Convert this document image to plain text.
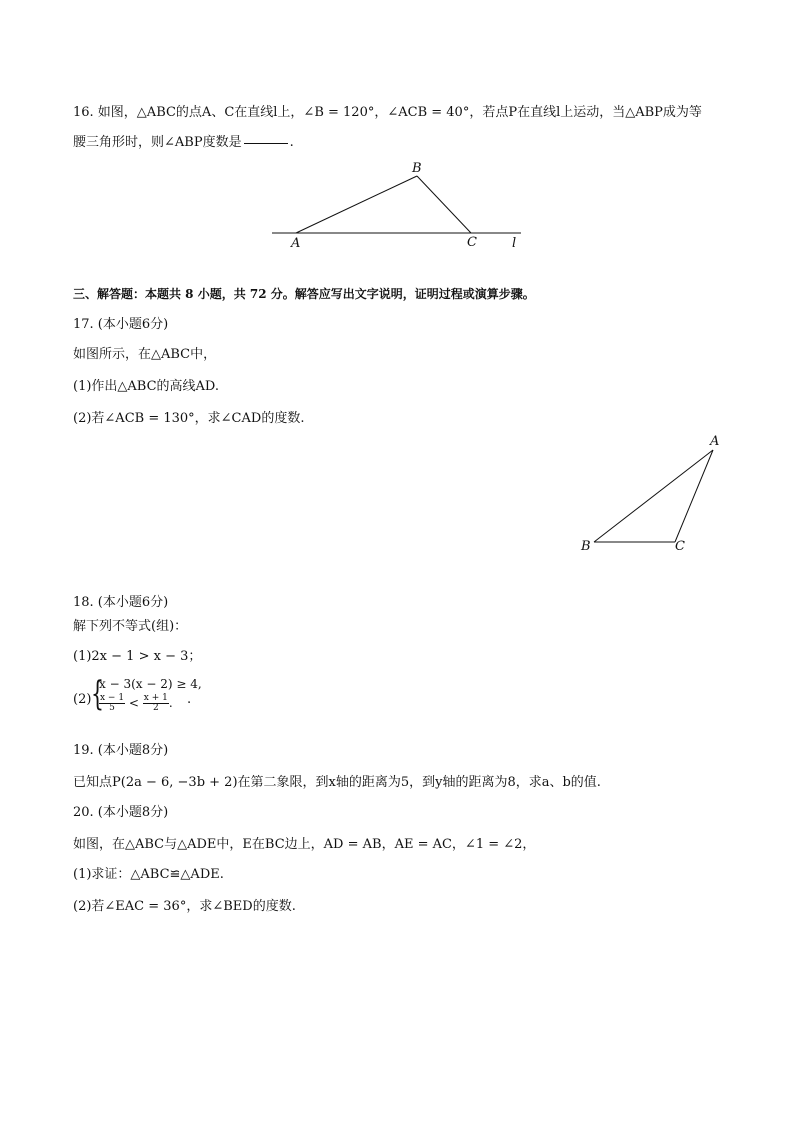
16. 如图，△ABC的点A、C在直线l上，∠B = 120°，∠ACB = 40°，若点P在直线l上运动，当△ABP成为等
腰三角形时，则∠ABP度数是	.
B
A	C	l
A
B	C
三、解答题：本题共 8 小题，共 72 分。解答应写出文字说明，证明过程或演算步骤。
17. (本小题6分)
如图所示，在△ABC中，
(1)作出△ABC的高线AD.
(2)若∠ACB = 130°，求∠CAD的度数.
18. (本小题6分)
解下列不等式(组)：
(1)2x − 1 > x − 3；
(2) {
x − 3(x − 2) ≥ 4,
$\frac{x - 1}{5} < \frac{x + 1}{2}$ . .
19. (本小题8分)
已知点P(2a − 6, −3b + 2)在第二象限，到x轴的距离为5，到y轴的距离为8，求a、b的值.
20. (本小题8分)
如图，在△ABC与△ADE中，E在BC边上，AD = AB，AE = AC，∠1 = ∠2，
(1)求证：△ABC≌△ADE.
(2)若∠EAC = 36°，求∠BED的度数.
